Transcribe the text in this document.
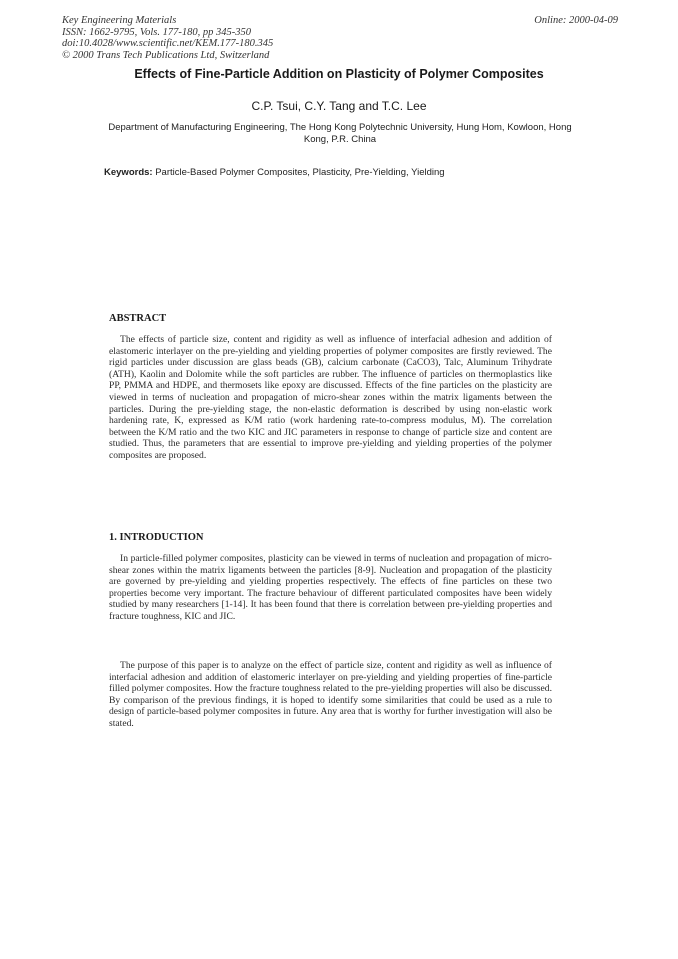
Key Engineering Materials
ISSN: 1662-9795, Vols. 177-180, pp 345-350
doi:10.4028/www.scientific.net/KEM.177-180.345
© 2000 Trans Tech Publications Ltd, Switzerland
Online: 2000-04-09
Effects of Fine-Particle Addition on Plasticity of Polymer Composites
C.P. Tsui, C.Y. Tang and T.C. Lee
Department of Manufacturing Engineering, The Hong Kong Polytechnic University, Hung Hom, Kowloon, Hong Kong, P.R. China
Keywords: Particle-Based Polymer Composites, Plasticity, Pre-Yielding, Yielding
ABSTRACT

The effects of particle size, content and rigidity as well as influence of interfacial adhesion and addition of elastomeric interlayer on the pre-yielding and yielding properties of polymer composites are firstly reviewed. The rigid particles under discussion are glass beads (GB), calcium carbonate (CaCO3), Talc, Aluminum Trihydrate (ATH), Kaolin and Dolomite while the soft particles are rubber. The influence of particles on thermoplastics like PP, PMMA and HDPE, and thermosets like epoxy are discussed. Effects of the fine particles on the plasticity are viewed in terms of nucleation and propagation of micro-shear zones within the matrix ligaments between the particles. During the pre-yielding stage, the non-elastic deformation is described by using non-elastic work hardening rate, K, expressed as K/M ratio (work hardening rate-to-compress modulus, M). The correlation between the K/M ratio and the two KIC and JIC parameters in response to change of particle size and content are studied. Thus, the parameters that are essential to improve pre-yielding and yielding properties of the polymer composites are proposed.

1. INTRODUCTION

In particle-filled polymer composites, plasticity can be viewed in terms of nucleation and propagation of micro-shear zones within the matrix ligaments between the particles [8-9]. Nucleation and propagation of the plasticity are governed by pre-yielding and yielding properties respectively. The effects of fine particles on these two properties become very important. The fracture behaviour of different particulated composites have been widely studied by many researchers [1-14]. It has been found that there is correlation between pre-yielding properties and fracture toughness, KIC and JIC.

The purpose of this paper is to analyze on the effect of particle size, content and rigidity as well as influence of interfacial adhesion and addition of elastomeric interlayer on pre-yielding and yielding properties of fine-particle filled polymer composites. How the fracture toughness related to the pre-yielding properties will also be discussed. By comparison of the previous findings, it is hoped to identify some similarities that could be used as a rule to design of particle-based polymer composites in future. Any area that is worthy for further investigation will also be stated.
